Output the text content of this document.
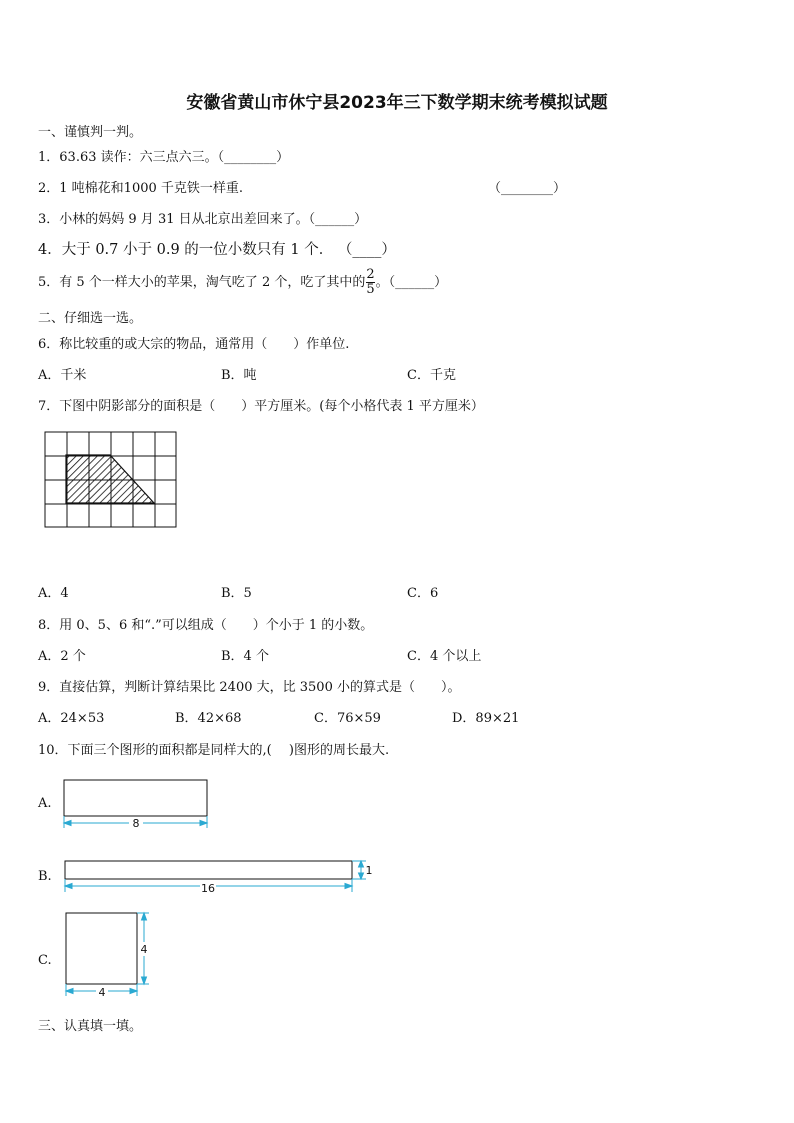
安徽省黄山市休宁县2023年三下数学期末统考模拟试题
一、谨慎判一判。
1．63.63 读作：六三点六三。（________）
2．1 吨棉花和1000 千克铁一样重.	（________）
3．小林的妈妈 9 月 31 日从北京出差回来了。（______）
4．大于 0.7 小于 0.9 的一位小数只有 1 个． （____）
5．有 5 个一样大小的苹果，淘气吃了 2 个，吃了其中的$\frac{2}{5}$ 。（______）
二、仔细选一选。
6．称比较重的或大宗的物品，通常用（　　）作单位.
A．千米	B．吨	C．千克
7．下图中阴影部分的面积是（　　）平方厘米。(每个小格代表 1 平方厘米）
A．4	B．5	C．6
8．用 0、5、6 和“.”可以组成（　　）个小于 1 的小数。
A．2 个	B．4 个	C．4 个以上
9．直接估算，判断计算结果比 2400 大，比 3500 小的算式是（　　）。
A．24×53	B．42×68	C．76×59	D．89×21
10．下面三个图形的面积都是同样大的,(　 )图形的周长最大.
A.
8
B.
16
1
C.
4
4
三、认真填一填。
